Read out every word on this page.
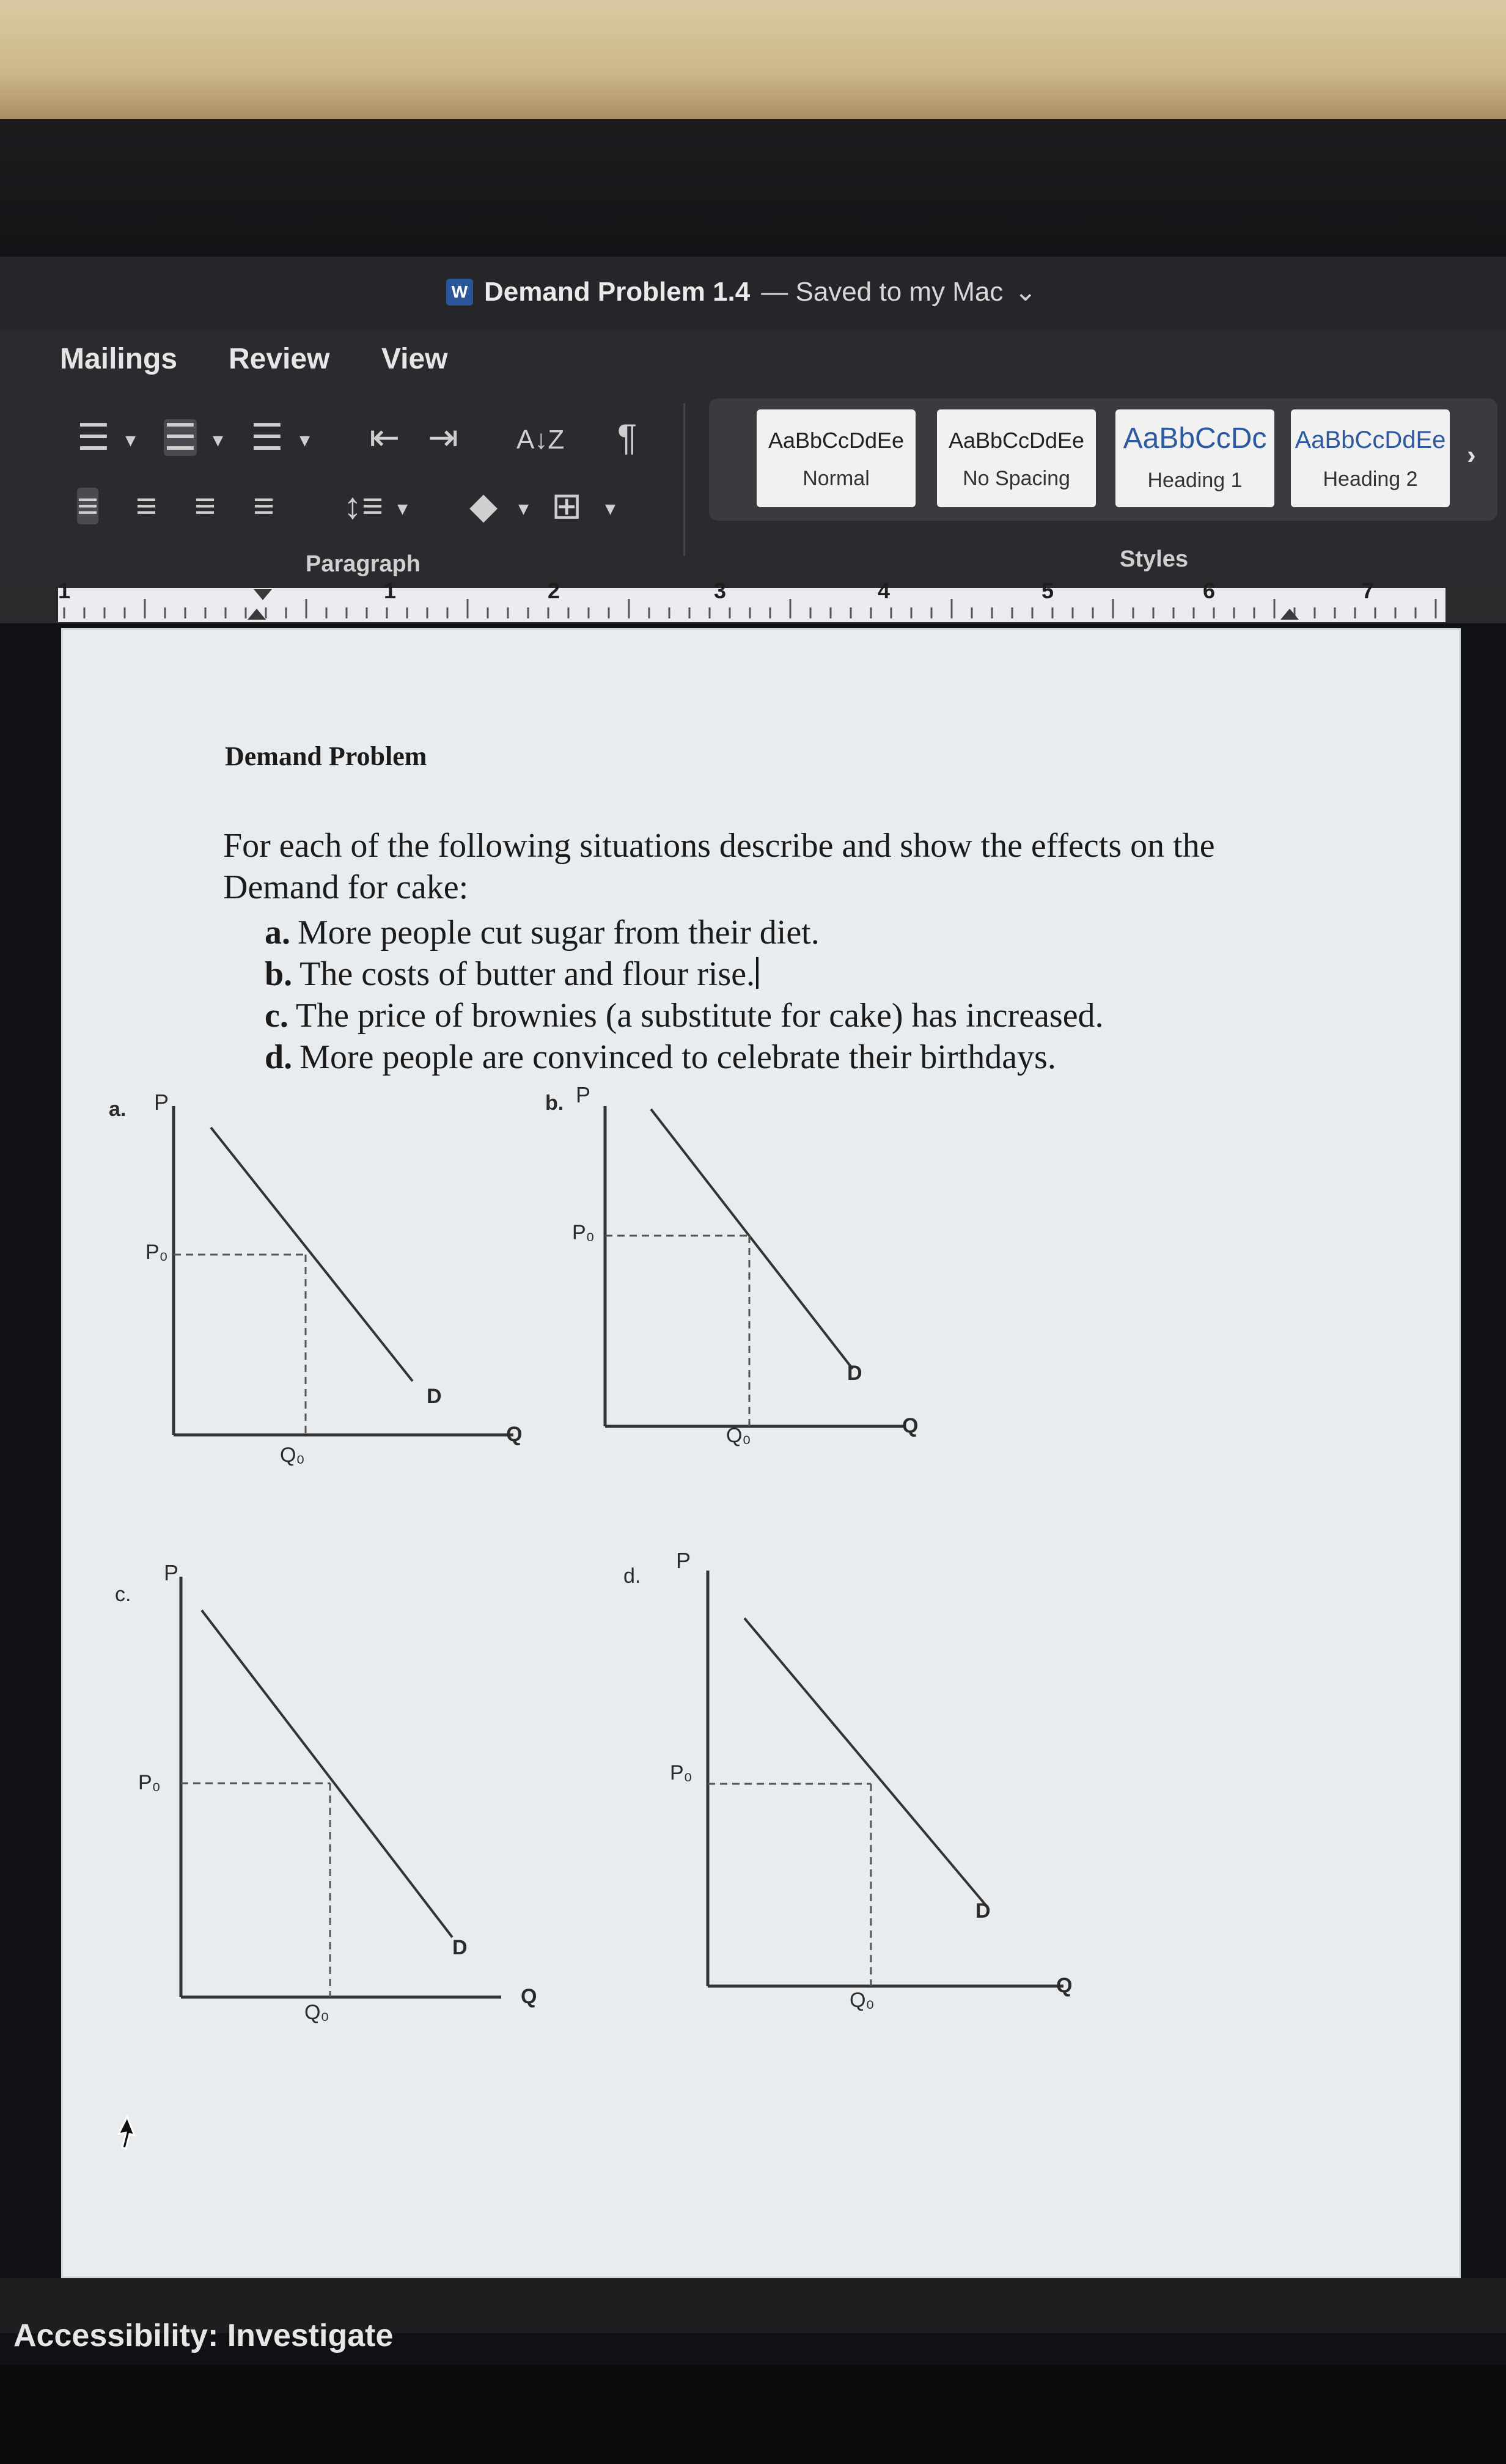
W Demand Problem 1.4 — Saved to my Mac ⌄
Mailings Review View
☰ ▾ ☰ ▾ ☰ ▾ ⇤ ⇥ A↓Z ¶
≡ ≡ ≡ ≡ ↕≡ ▾ ◆ ▾ ⊞ ▾
Paragraph
AaBbCcDdEe
Normal
AaBbCcDdEe
No Spacing
AaBbCcDc
Heading 1
AaBbCcDdEe
Heading 2
›
Styles
1	1	2	3	4	5	6	7
Demand Problem
For each of the following situations describe and show the effects on the
Demand for cake:
a. More people cut sugar from their diet.
b. The costs of butter and flour rise.
c. The price of brownies (a substitute for cake) has increased.
d. More people are convinced to celebrate their birthdays.
a. P
P₀
Q₀
D
Q
b. P
P₀
Q₀
D
Q
c.
P
P₀
Q₀
D
Q
d.
P
P₀
Q₀
D
Q
Accessibility: Investigate
